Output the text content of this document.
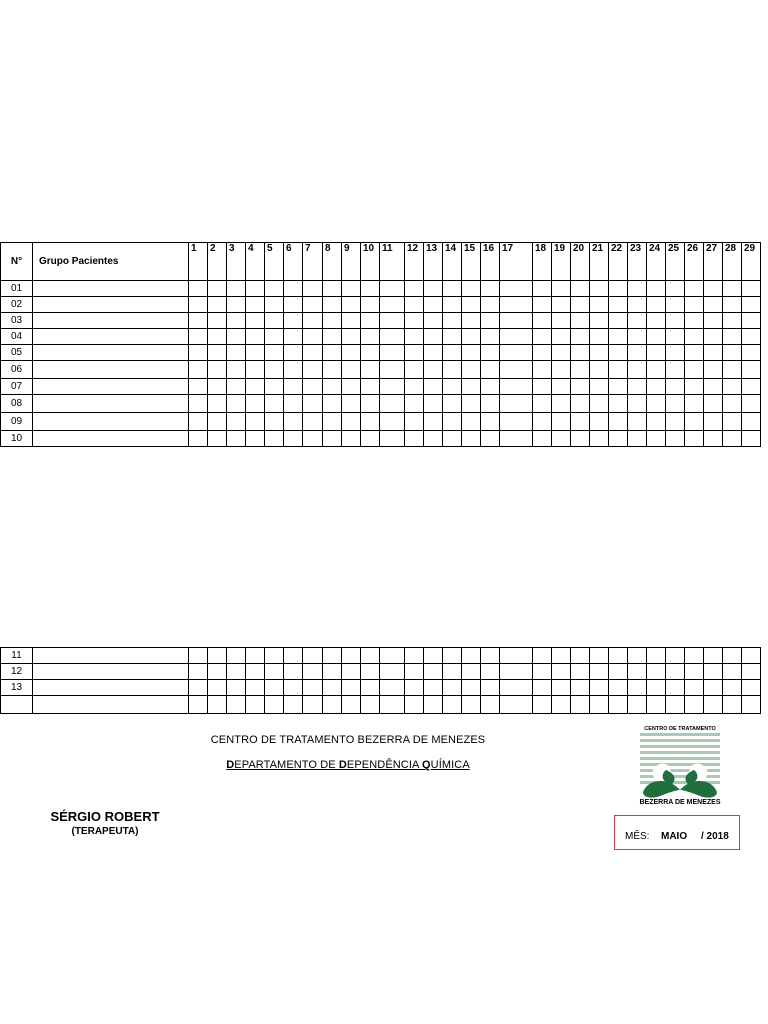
N°	Grupo Pacientes	1	2	3	4	5	6	7	8	9	10	11	12	13	14	15	16	17	18	19	20	21	22	23	24	25	26	27	28	29
01																														
02																														
03																														
04																														
05																														
06																														
07																														
08																														
09																														
10																														
11																														
12																														
13																														

CENTRO DE TRATAMENTO BEZERRA DE MENEZES
DEPARTAMENTO DE DEPENDÊNCIA QUÍMICA
SÉRGIO ROBERT
(TERAPEUTA)	MÊS: MAIO / 2018
CENTRO DE TRATAMENTO
BEZERRA DE MENEZES
